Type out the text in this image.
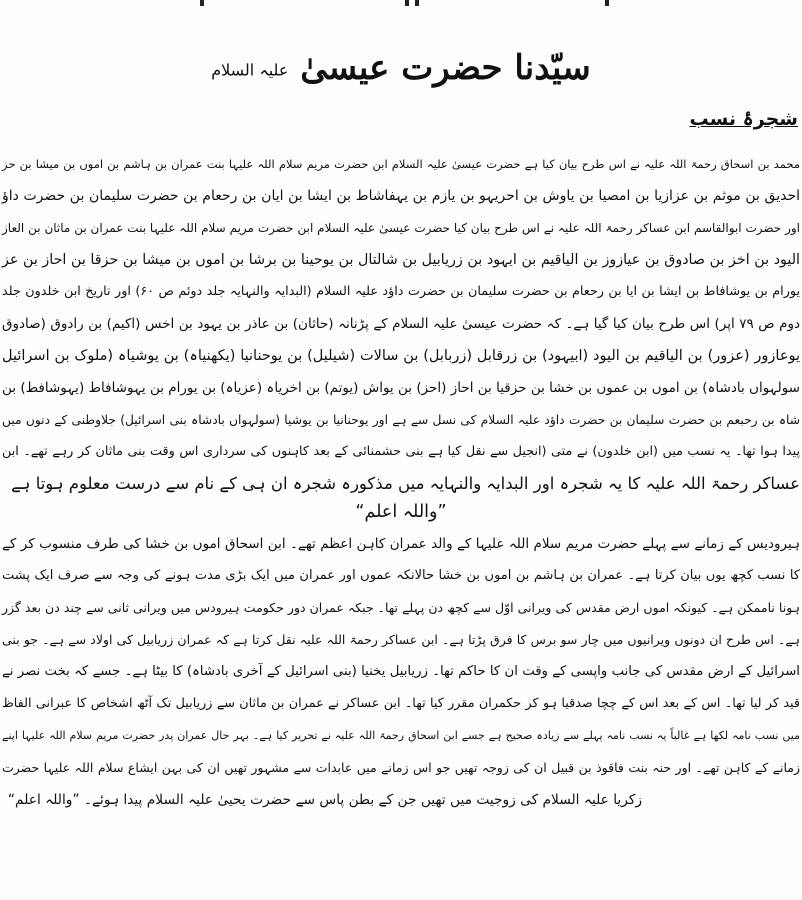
سیّدنا حضرت عیسیٰ علیہ السلام
شجرۂ نسب
محمد بن اسحاق رحمۃ اللہ علیہ نے اس طرح بیان کیا ہے حضرت عیسیٰ علیہ السلام ابن حضرت مریم سلام اللہ علیہا بنت عمران بن ہاشم بن اموں بن میشا بن حز
احدیق بن موثم بن عزازیا بن امصیا بن یاوش بن احریہو بن یازم بن یہفاشاط بن ایشا بن ایان بن رحعام بن حضرت سلیمان بن حضرت داؤ
اور حضرت ابوالقاسم ابن عساکر رحمۃ اللہ علیہ نے اس طرح بیان کیا حضرت عیسیٰ علیہ السلام ابن حضرت مریم سلام اللہ علیہا بنت عمران بن ماثان بن العاز
الیود بن اخز بن صادوق بن عیازوز بن الیاقیم بن ایہود بن زریابیل بن شالتال بن یوحینا بن برشا بن اموں بن میشا بن حزقا بن احاز بن عز
یورام بن یوشافاط بن ایشا بن ایا بن رحعام بن حضرت سلیمان بن حضرت داؤد علیہ السلام (البدایہ والنہایہ جلد دوئم ص ۶۰) اور تاریخ ابن خلدون جلد
دوم ص ۷۹ اپر) اس طرح بیان کیا گیا ہے۔ کہ حضرت عیسیٰ علیہ السلام کے پڑنانہ (حاثان) بن عاذر بن یہود بن اخس (اکیم) بن رادوق (صادوق
یوعازور (عزور) بن الیاقیم بن الیود (ابیہود) بن زرقابل (زربابل) بن سالات (شیلیل) بن یوحنانیا (یکھنیاہ) بن یوشیاہ (ملوک بن اسرائیل
سولہواں بادشاہ) بن اموں بن عموں بن خشا بن حزقیا بن احاز (احز) بن یواش (یوتم) بن اخریاہ (عزیاہ) بن یورام بن یہوشافاط (یہوشافط) بن
شاہ بن رحبعم بن حضرت سلیمان بن حضرت داؤد علیہ السلام کی نسل سے ہے اور یوحنانیا بن یوشیا (سولہواں بادشاہ بنی اسرائیل) جلاوطنی کے دنوں میں
پیدا ہوا تھا۔ یہ نسب میں (ابن خلدون) نے متی (انجیل سے نقل کیا ہے بنی حشمنائی کے بعد کاہنوں کی سرداری اس وقت بنی ماثان کر رہے تھے۔ ابن
عساکر رحمۃ اللہ علیہ کا یہ شجرہ اور البدایہ والنہایہ میں مذکورہ شجرہ ان ہی کے نام سے درست معلوم ہوتا ہے
”واللہ اعلم“
ہیرودیس کے زمانے سے پہلے حضرت مریم سلام اللہ علیہا کے والد عمران کاہن اعظم تھے۔ ابن اسحاق اموں بن خشا کی طرف منسوب کر کے
کا نسب کچھ یوں بیان کرتا ہے۔ عمران بن ہاشم بن اموں بن خشا حالانکہ عموں اور عمران میں ایک بڑی مدت ہونے کی وجہ سے صرف ایک پشت
ہونا ناممکن ہے۔ کیونکہ اموں ارض مقدس کی ویرانی اوّل سے کچھ دن پہلے تھا۔ جبکہ عمران دور حکومت ہیرودس میں ویرانی ثانی سے چند دن بعد گزر
ہے۔ اس طرح ان دونوں ویرانیوں میں چار سو برس کا فرق پڑتا ہے۔ ابن عساکر رحمۃ اللہ علیہ نقل کرتا ہے کہ عمران زریابیل کی اولاد سے ہے۔ جو بنی
اسرائیل کے ارض مقدس کی جانب واپسی کے وقت ان کا حاکم تھا۔ زریابیل یخنیا (بنی اسرائیل کے آخری بادشاہ) کا بیٹا ہے۔ جسے کہ بخت نصر نے
قید کر لیا تھا۔ اس کے بعد اس کے چچا صدقیا ہو کر حکمران مقرر کیا تھا۔ ابن عساکر نے عمران بن ماثان سے زریابیل تک آٹھ اشخاص کا عبرانی الفاظ
میں نسب نامہ لکھا ہے غالباً یہ نسب نامہ پہلے سے زیادہ صحیح ہے جسے ابن اسحاق رحمۃ اللہ علیہ نے تحریر کیا ہے۔ بہر حال عمران پدر حضرت مریم سلام اللہ علیہا اپنے
زمانے کے کاہن تھے۔ اور حنہ بنت فاقوذ بن قبیل ان کی زوجہ تھیں جو اس زمانے میں عابدات سے مشہور تھیں ان کی بہن ایشاع سلام اللہ علیہا حضرت
زکریا علیہ السلام کی زوجیت میں تھیں جن کے بطن پاس سے حضرت یحییٰ علیہ السلام پیدا ہوئے۔ ”واللہ اعلم“
